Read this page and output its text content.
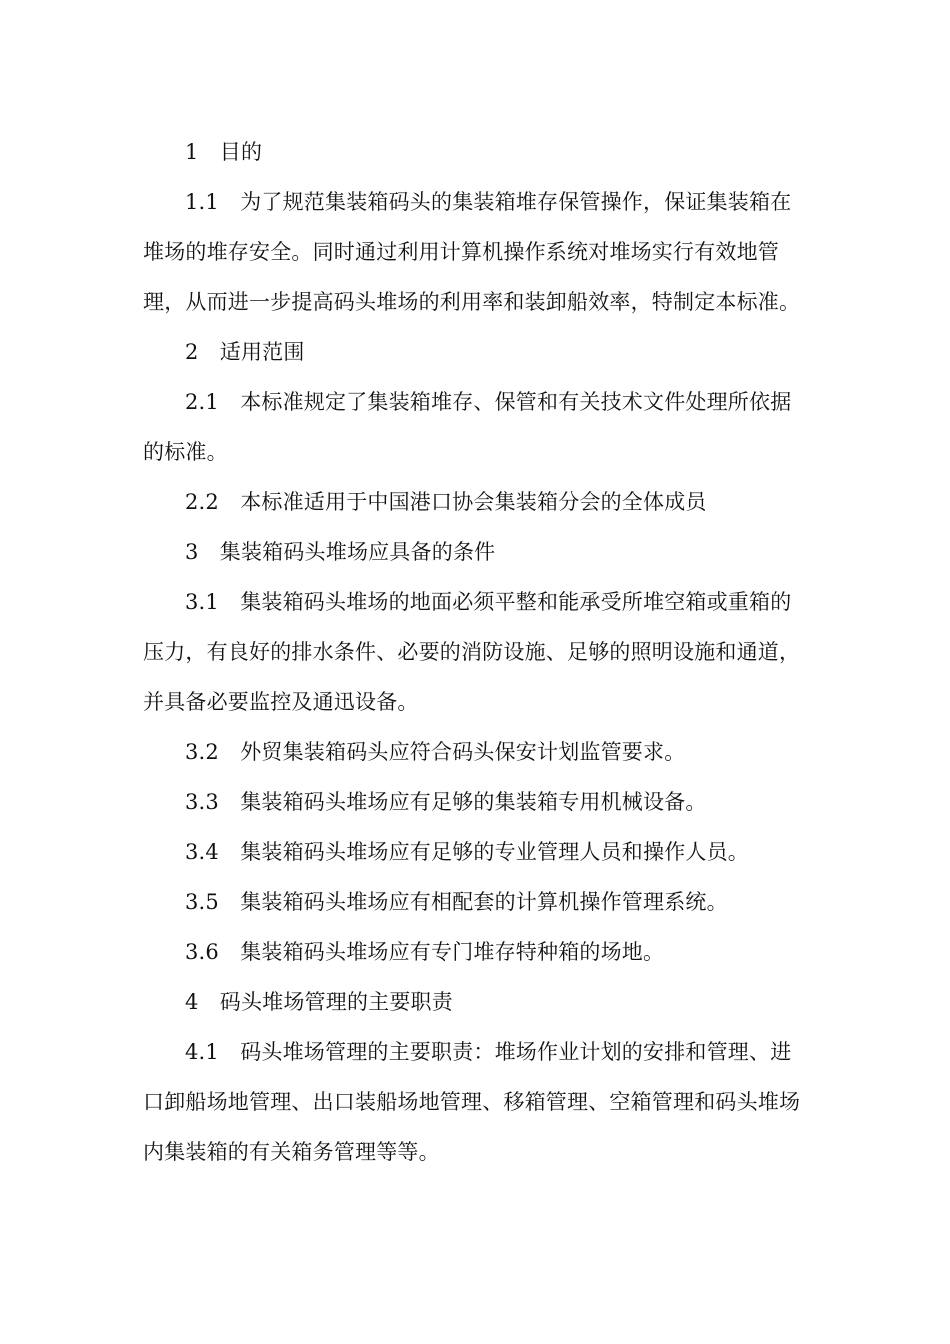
1　目的

1.1　为了规范集装箱码头的集装箱堆存保管操作，保证集装箱在堆场的堆存安全。同时通过利用计算机操作系统对堆场实行有效地管理，从而进一步提高码头堆场的利用率和装卸船效率，特制定本标准。

2　适用范围

2.1　本标准规定了集装箱堆存、保管和有关技术文件处理所依据的标准。

2.2　本标准适用于中国港口协会集装箱分会的全体成员

3　集装箱码头堆场应具备的条件

3.1　集装箱码头堆场的地面必须平整和能承受所堆空箱或重箱的压力，有良好的排水条件、必要的消防设施、足够的照明设施和通道，并具备必要监控及通迅设备。

3.2　外贸集装箱码头应符合码头保安计划监管要求。

3.3　集装箱码头堆场应有足够的集装箱专用机械设备。

3.4　集装箱码头堆场应有足够的专业管理人员和操作人员。

3.5　集装箱码头堆场应有相配套的计算机操作管理系统。

3.6　集装箱码头堆场应有专门堆存特种箱的场地。

4　码头堆场管理的主要职责

4.1　码头堆场管理的主要职责：堆场作业计划的安排和管理、进口卸船场地管理、出口装船场地管理、移箱管理、空箱管理和码头堆场内集装箱的有关箱务管理等等。
